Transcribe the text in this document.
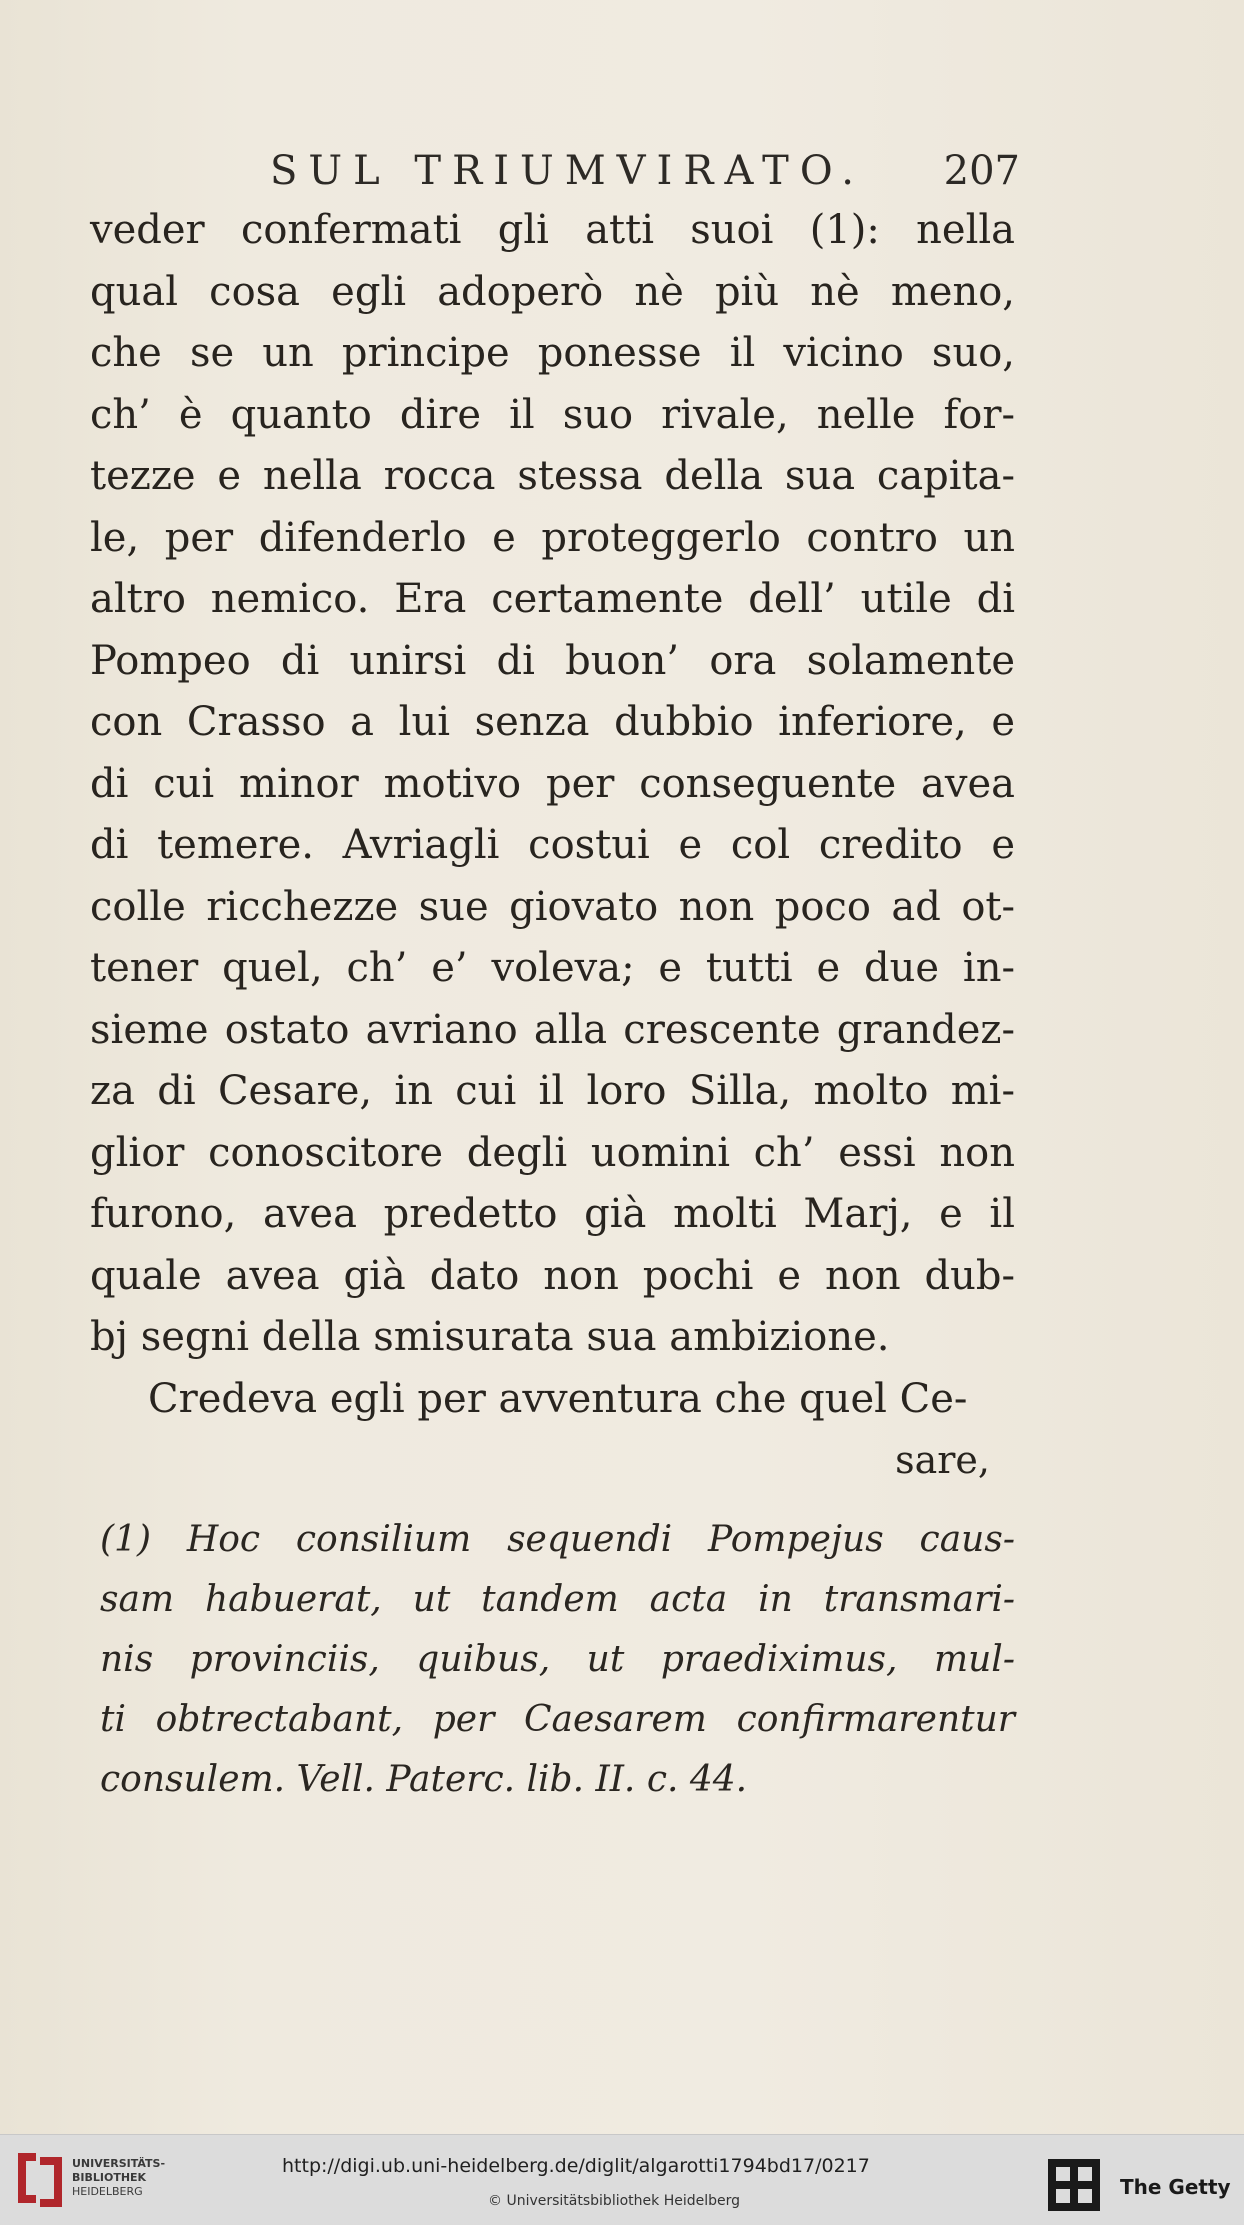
SUL TRIUMVIRATO. 207
veder confermati gli atti suoi (1): nella
qual cosa egli adoperò nè più nè meno,
che se un principe ponesse il vicino suo,
ch’ è quanto dire il suo rivale, nelle for-
tezze e nella rocca stessa della sua capita-
le, per difenderlo e proteggerlo contro un
altro nemico. Era certamente dell’ utile di
Pompeo di unirsi di buon’ ora solamente
con Crasso a lui senza dubbio inferiore, e
di cui minor motivo per conseguente avea
di temere. Avriagli costui e col credito e
colle ricchezze sue giovato non poco ad ot-
tener quel, ch’ e’ voleva; e tutti e due in-
sieme ostato avriano alla crescente grandez-
za di Cesare, in cui il loro Silla, molto mi-
glior conoscitore degli uomini ch’ essi non
furono, avea predetto già molti Marj, e il
quale avea già dato non pochi e non dub-
bj segni della smisurata sua ambizione.
Credeva egli per avventura che quel Ce-
sare,
(1) Hoc consilium sequendi Pompejus caus-
sam habuerat, ut tandem acta in transmari-
nis provinciis, quibus, ut praediximus, mul-
ti obtrectabant, per Caesarem confirmarentur
consulem. Vell. Paterc. lib. II. c. 44.
UNIVERSITÄTS-
BIBLIOTHEK
HEIDELBERG
http://digi.ub.uni-heidelberg.de/diglit/algarotti1794bd17/0217
© Universitätsbibliothek Heidelberg
The Getty
